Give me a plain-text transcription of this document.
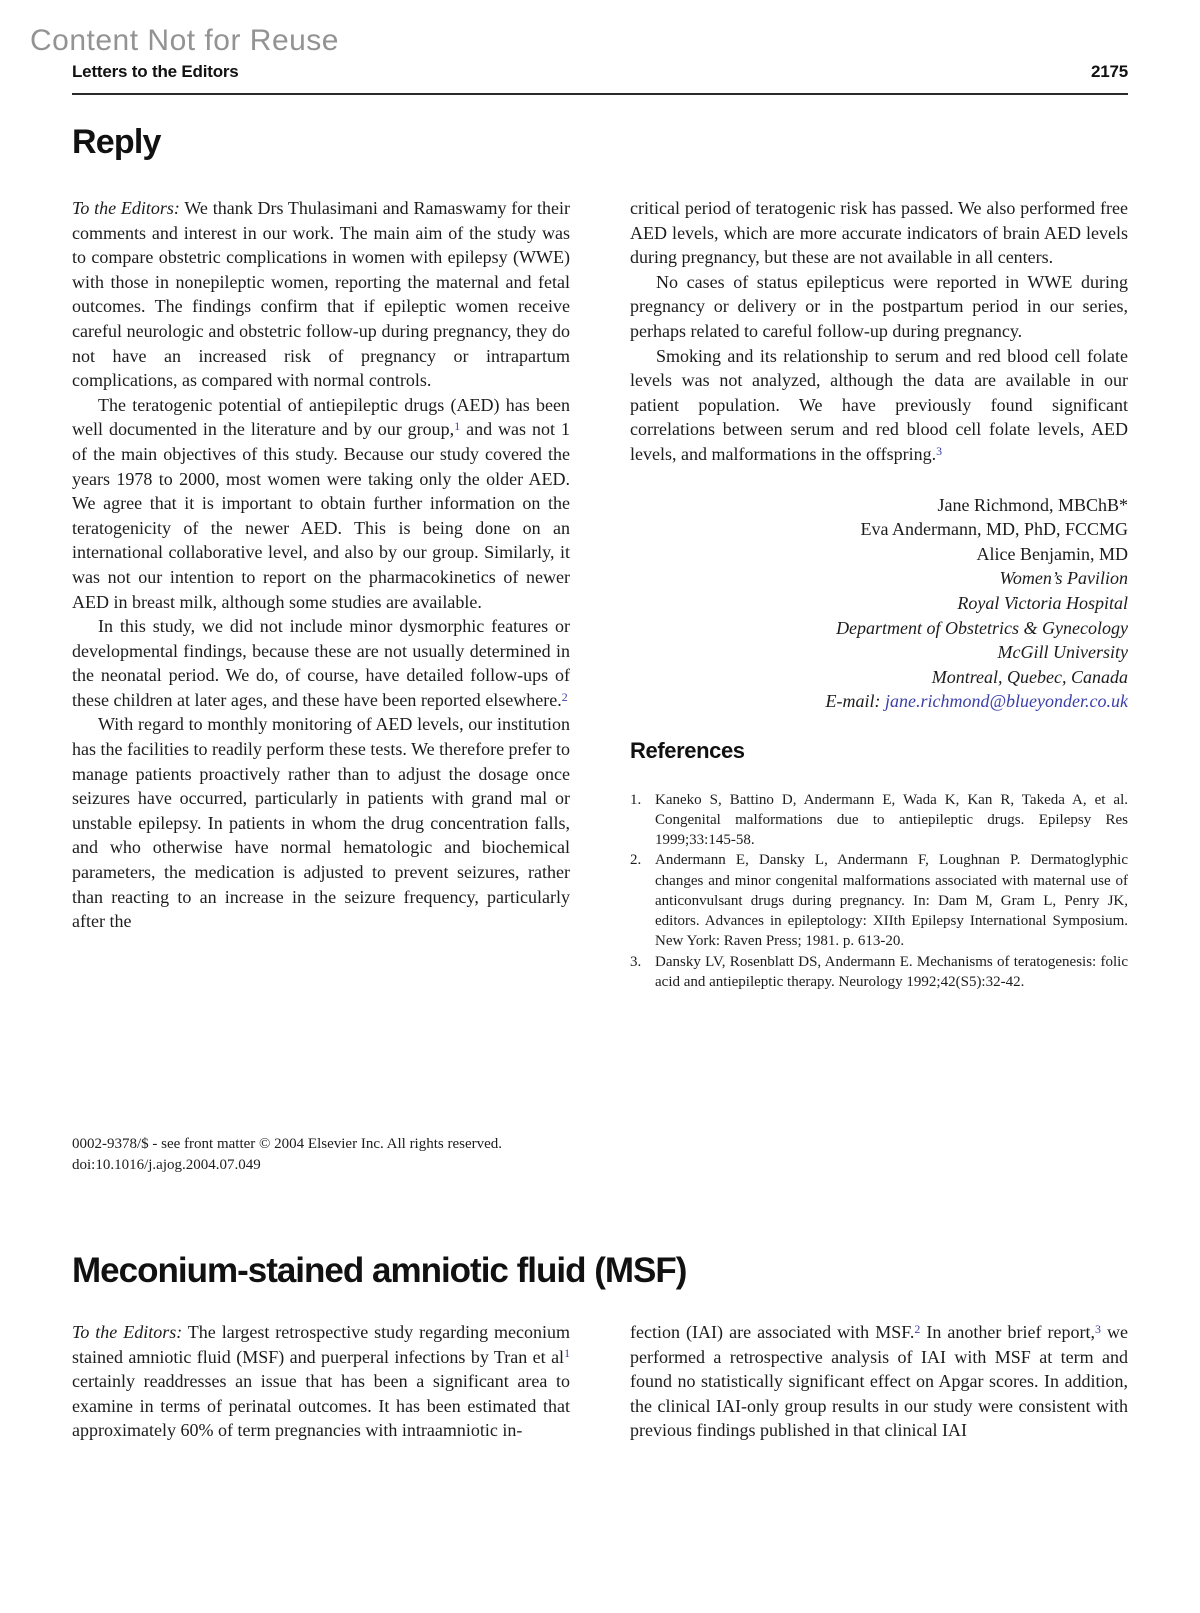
Content Not for Reuse
Letters to the Editors	2175
Reply

To the Editors: We thank Drs Thulasimani and Ramaswamy for their comments and interest in our work. The main aim of the study was to compare obstetric complications in women with epilepsy (WWE) with those in nonepileptic women, reporting the maternal and fetal outcomes. The findings confirm that if epileptic women receive careful neurologic and obstetric follow-up during pregnancy, they do not have an increased risk of pregnancy or intrapartum complications, as compared with normal controls.

The teratogenic potential of antiepileptic drugs (AED) has been well documented in the literature and by our group,$^1$ and was not 1 of the main objectives of this study. Because our study covered the years 1978 to 2000, most women were taking only the older AED. We agree that it is important to obtain further information on the teratogenicity of the newer AED. This is being done on an international collaborative level, and also by our group. Similarly, it was not our intention to report on the pharmacokinetics of newer AED in breast milk, although some studies are available.

In this study, we did not include minor dysmorphic features or developmental findings, because these are not usually determined in the neonatal period. We do, of course, have detailed follow-ups of these children at later ages, and these have been reported elsewhere.$^2$

With regard to monthly monitoring of AED levels, our institution has the facilities to readily perform these tests. We therefore prefer to manage patients proactively rather than to adjust the dosage once seizures have occurred, particularly in patients with grand mal or unstable epilepsy. In patients in whom the drug concentration falls, and who otherwise have normal hematologic and biochemical parameters, the medication is adjusted to prevent seizures, rather than reacting to an increase in the seizure frequency, particularly after the

critical period of teratogenic risk has passed. We also performed free AED levels, which are more accurate indicators of brain AED levels during pregnancy, but these are not available in all centers.

No cases of status epilepticus were reported in WWE during pregnancy or delivery or in the postpartum period in our series, perhaps related to careful follow-up during pregnancy.

Smoking and its relationship to serum and red blood cell folate levels was not analyzed, although the data are available in our patient population. We have previously found significant correlations between serum and red blood cell folate levels, AED levels, and malformations in the offspring.$^3$

Jane Richmond, MBChB*
Eva Andermann, MD, PhD, FCCMG
Alice Benjamin, MD
Women’s Pavilion
Royal Victoria Hospital
Department of Obstetrics & Gynecology
McGill University
Montreal, Quebec, Canada
E-mail: jane.richmond@blueyonder.co.uk
References
1. Kaneko S, Battino D, Andermann E, Wada K, Kan R, Takeda A, et al. Congenital malformations due to antiepileptic drugs. Epilepsy Res 1999;33:145-58.
2. Andermann E, Dansky L, Andermann F, Loughnan P. Dermatoglyphic changes and minor congenital malformations associated with maternal use of anticonvulsant drugs during pregnancy. In: Dam M, Gram L, Penry JK, editors. Advances in epileptology: XIIth Epilepsy International Symposium. New York: Raven Press; 1981. p. 613-20.
3. Dansky LV, Rosenblatt DS, Andermann E. Mechanisms of teratogenesis: folic acid and antiepileptic therapy. Neurology 1992;42(S5):32-42.
0002-9378/$ - see front matter © 2004 Elsevier Inc. All rights reserved.
doi:10.1016/j.ajog.2004.07.049
Meconium-stained amniotic fluid (MSF)

To the Editors: The largest retrospective study regarding meconium stained amniotic fluid (MSF) and puerperal infections by Tran et $al^1$ certainly readdresses an issue that has been a significant area to examine in terms of perinatal outcomes. It has been estimated that approximately 60% of term pregnancies with intraamniotic in-

fection (IAI) are associated with MSF.$^2$ In another brief report,$^3$ we performed a retrospective analysis of IAI with MSF at term and found no statistically significant effect on Apgar scores. In addition, the clinical IAI-only group results in our study were consistent with previous findings published in that clinical IAI
